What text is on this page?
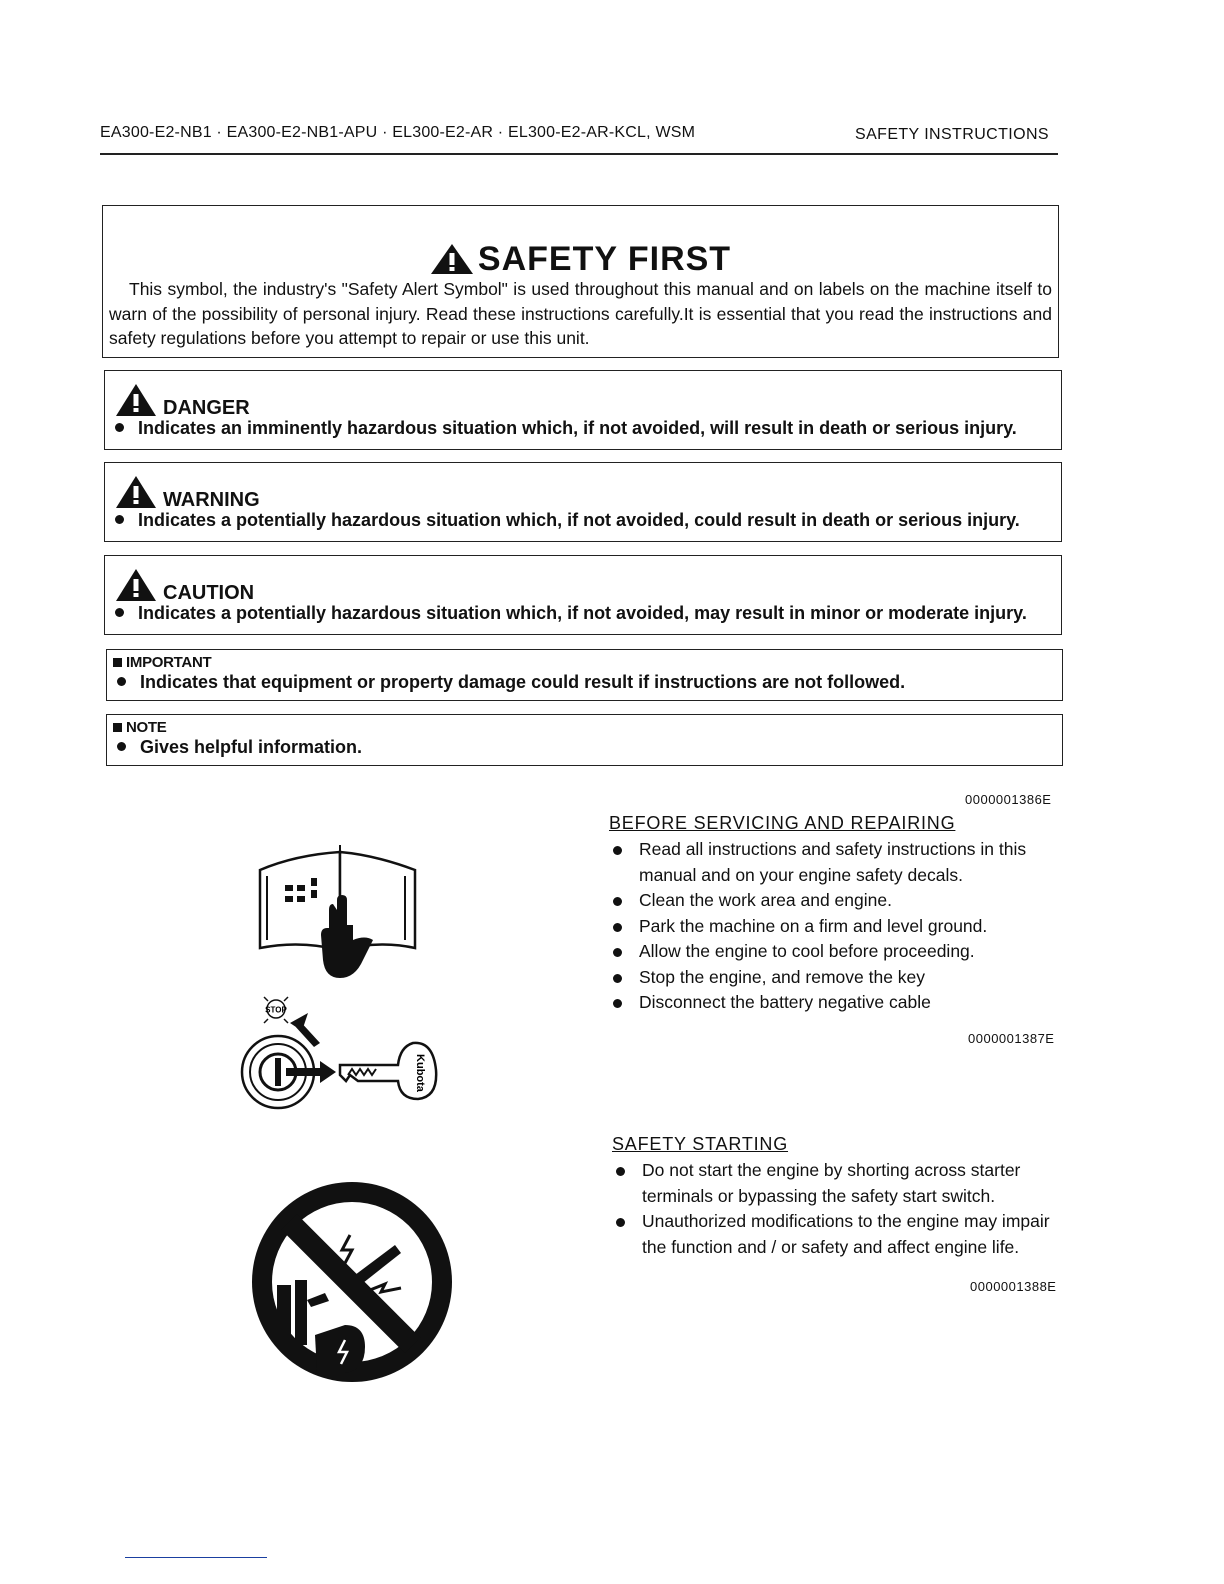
EA300-E2-NB1 · EA300-E2-NB1-APU · EL300-E2-AR · EL300-E2-AR-KCL, WSM	SAFETY INSTRUCTIONS
SAFETY FIRST

This symbol, the industry's "Safety Alert Symbol" is used throughout this manual and on labels on the machine itself to warn of the possibility of personal injury. Read these instructions carefully.It is essential that you read the instructions and safety regulations before you attempt to repair or use this unit.

DANGER
Indicates an imminently hazardous situation which, if not avoided, will result in death or serious injury.
WARNING
Indicates a potentially hazardous situation which, if not avoided, could result in death or serious injury.
CAUTION
Indicates a potentially hazardous situation which, if not avoided, may result in minor or moderate injury.
IMPORTANT
Indicates that equipment or property damage could result if instructions are not followed.
NOTE
Gives helpful information.
0000001386E
BEFORE SERVICING AND REPAIRING
Read all instructions and safety instructions in this manual and on your engine safety decals.
Clean the work area and engine.
Park the machine on a firm and level ground.
Allow the engine to cool before proceeding.
Stop the engine, and remove the key
Disconnect the battery negative cable
0000001387E
SAFETY STARTING
Do not start the engine by shorting across starter terminals or bypassing the safety start switch.
Unauthorized modifications to the engine may impair the function and / or safety and affect engine life.
0000001388E
STOP
Kubota
